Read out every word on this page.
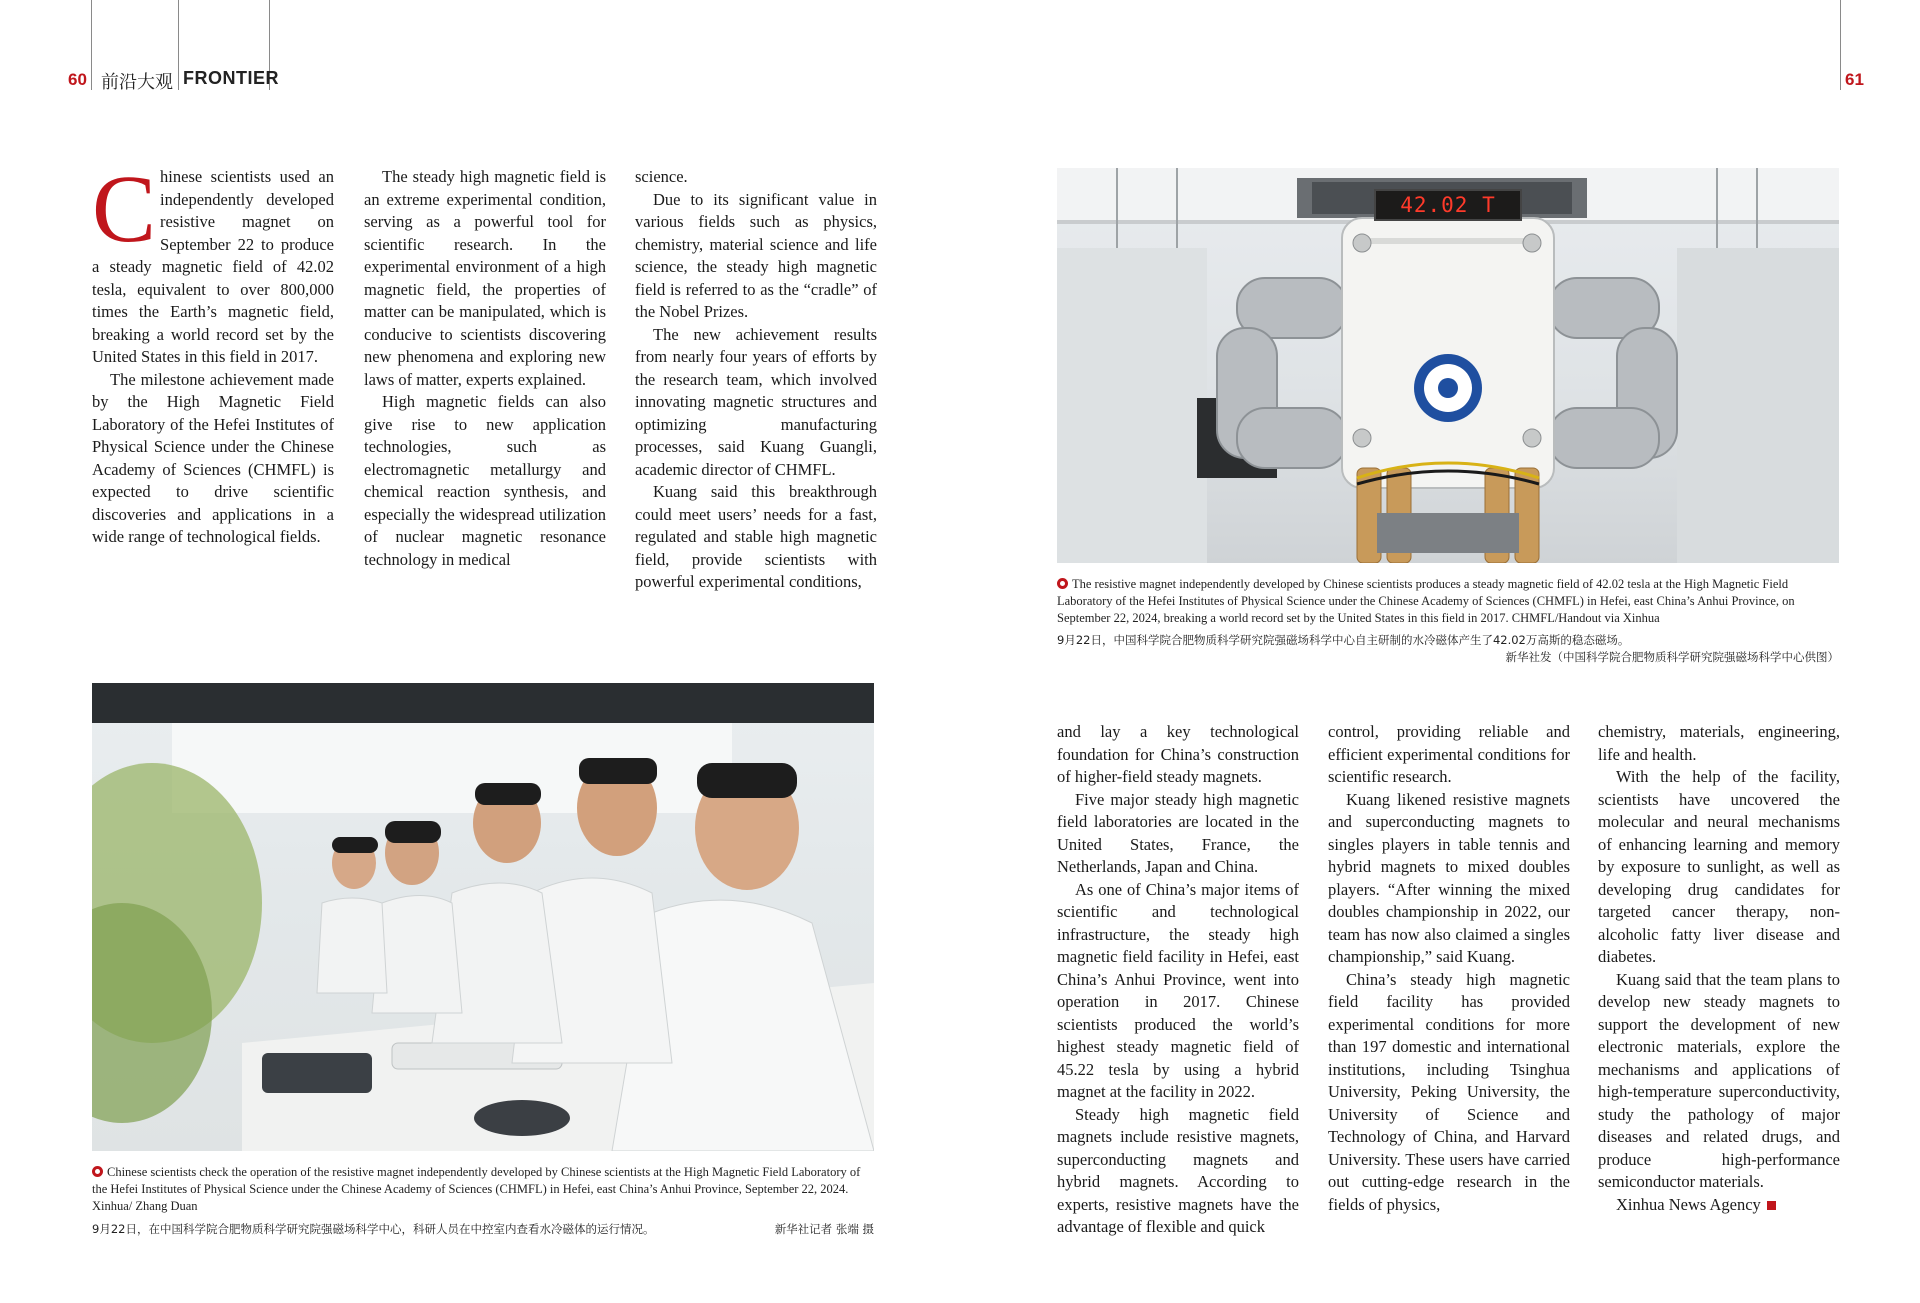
60 前沿大观 FRONTIER	61

Chinese scientists used an independently developed resistive magnet on September 22 to produce a steady magnetic field of 42.02 tesla, equivalent to over 800,000 times the Earth’s magnetic field, breaking a world record set by the United States in this field in 2017.

The milestone achievement made by the High Magnetic Field Laboratory of the Hefei Institutes of Physical Science under the Chinese Academy of Sciences (CHMFL) is expected to drive scientific discoveries and applications in a wide range of technological fields.

The steady high magnetic field is an extreme experimental condition, serving as a powerful tool for scientific research. In the experimental environment of a high magnetic field, the properties of matter can be manipulated, which is conducive to scientists discovering new phenomena and exploring new laws of matter, experts explained.

High magnetic fields can also give rise to new application technologies, such as electromagnetic metallurgy and chemical reaction synthesis, and especially the widespread utilization of nuclear magnetic resonance technology in medical

science.

Due to its significant value in various fields such as physics, chemistry, material science and life science, the steady high magnetic field is referred to as the “cradle” of the Nobel Prizes.

The new achievement results from nearly four years of efforts by the research team, which involved innovating magnetic structures and optimizing manufacturing processes, said Kuang Guangli, academic director of CHMFL.

Kuang said this breakthrough could meet users’ needs for a fast, regulated and stable high magnetic field, provide scientists with powerful experimental conditions,

42.02 T
The resistive magnet independently developed by Chinese scientists produces a steady magnetic field of 42.02 tesla at the High Magnetic Field Laboratory of the Hefei Institutes of Physical Science under the Chinese Academy of Sciences (CHMFL) in Hefei, east China’s Anhui Province, on September 22, 2024, breaking a world record set by the United States in this field in 2017. CHMFL/Handout via Xinhua
9月22日，中国科学院合肥物质科学研究院强磁场科学中心自主研制的水冷磁体产生了42.02万高斯的稳态磁场。
新华社发（中国科学院合肥物质科学研究院强磁场科学中心供图）
Chinese scientists check the operation of the resistive magnet independently developed by Chinese scientists at the High Magnetic Field Laboratory of the Hefei Institutes of Physical Science under the Chinese Academy of Sciences (CHMFL) in Hefei, east China’s Anhui Province, September 22, 2024. Xinhua/ Zhang Duan
9月22日，在中国科学院合肥物质科学研究院强磁场科学中心，科研人员在中控室内查看水冷磁体的运行情况。	新华社记者 张端 摄

and lay a key technological foundation for China’s construction of higher-field steady magnets.

Five major steady high magnetic field laboratories are located in the United States, France, the Netherlands, Japan and China.

As one of China’s major items of scientific and technological infrastructure, the steady high magnetic field facility in Hefei, east China’s Anhui Province, went into operation in 2017. Chinese scientists produced the world’s highest steady magnetic field of 45.22 tesla by using a hybrid magnet at the facility in 2022.

Steady high magnetic field magnets include resistive magnets, superconducting magnets and hybrid magnets. According to experts, resistive magnets have the advantage of flexible and quick

control, providing reliable and efficient experimental conditions for scientific research.

Kuang likened resistive magnets and superconducting magnets to singles players in table tennis and hybrid magnets to mixed doubles players. “After winning the mixed doubles championship in 2022, our team has now also claimed a singles championship,” said Kuang.

China’s steady high magnetic field facility has provided experimental conditions for more than 197 domestic and international institutions, including Tsinghua University, Peking University, the University of Science and Technology of China, and Harvard University. These users have carried out cutting-edge research in the fields of physics,

chemistry, materials, engineering, life and health.

With the help of the facility, scientists have uncovered the molecular and neural mechanisms of enhancing learning and memory by exposure to sunlight, as well as developing drug candidates for targeted cancer therapy, non-alcoholic fatty liver disease and diabetes.

Kuang said that the team plans to develop new steady magnets to support the development of new electronic materials, explore the mechanisms and applications of high-temperature superconductivity, study the pathology of major diseases and related drugs, and produce high-performance semiconductor materials.

Xinhua News Agency
